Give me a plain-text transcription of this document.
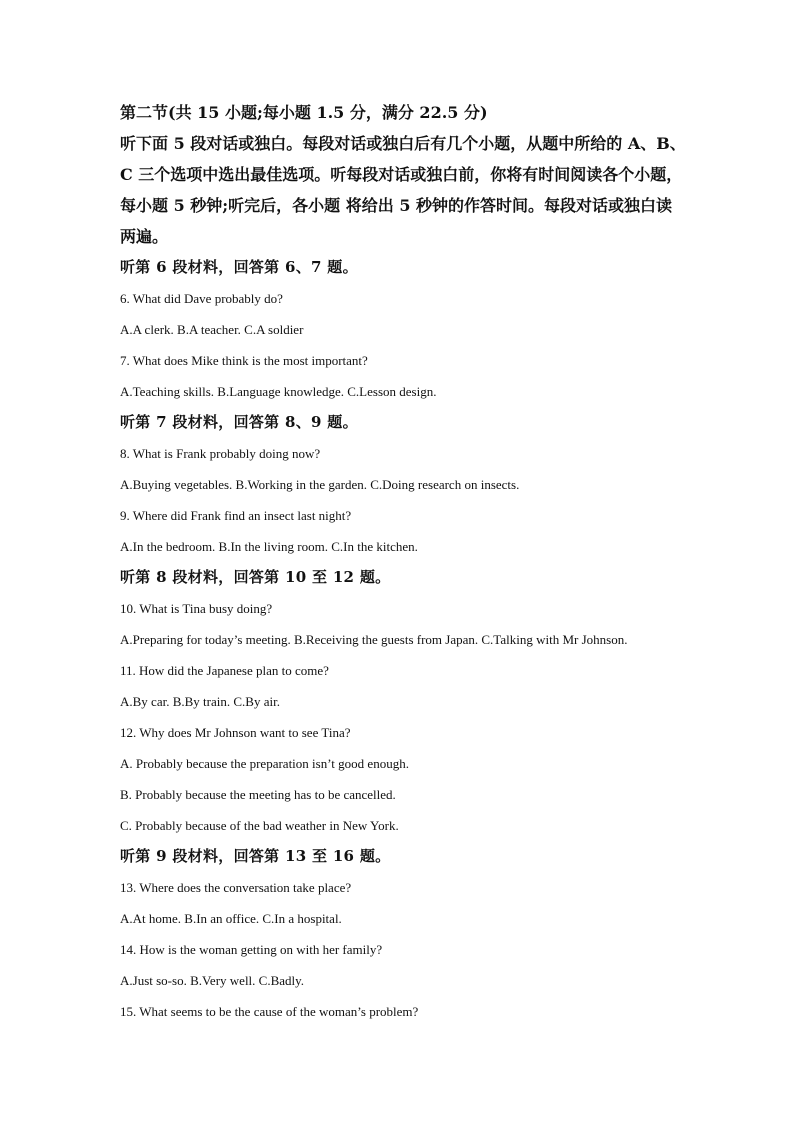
第二节(共 15 小题;每小题 1.5 分，满分 22.5 分)

听下面 5 段对话或独白。每段对话或独白后有几个小题，从题中所给的 A、B、
C 三个选项中选出最佳选项。听每段对话或独白前，你将有时间阅读各个小题，
每小题 5 秒钟;听完后，各小题 将给出 5 秒钟的作答时间。每段对话或独白读
两遍。

听第 6 段材料，回答第 6、7 题。

6. What did Dave probably do?

A.A clerk. B.A teacher. C.A soldier

7. What does Mike think is the most important?

A.Teaching skills. B.Language knowledge. C.Lesson design.

听第 7 段材料，回答第 8、9 题。

8. What is Frank probably doing now?

A.Buying vegetables. B.Working in the garden. C.Doing research on insects.

9. Where did Frank find an insect last night?

A.In the bedroom. B.In the living room. C.In the kitchen.

听第 8 段材料，回答第 10 至 12 题。

10. What is Tina busy doing?

A.Preparing for today’s meeting. B.Receiving the guests from Japan. C.Talking with Mr Johnson.

11. How did the Japanese plan to come?

A.By car. B.By train. C.By air.

12. Why does Mr Johnson want to see Tina?

A. Probably because the preparation isn’t good enough.

B. Probably because the meeting has to be cancelled.

C. Probably because of the bad weather in New York.

听第 9 段材料，回答第 13 至 16 题。

13. Where does the conversation take place?

A.At home. B.In an office. C.In a hospital.

14. How is the woman getting on with her family?

A.Just so-so. B.Very well. C.Badly.

15. What seems to be the cause of the woman’s problem?
